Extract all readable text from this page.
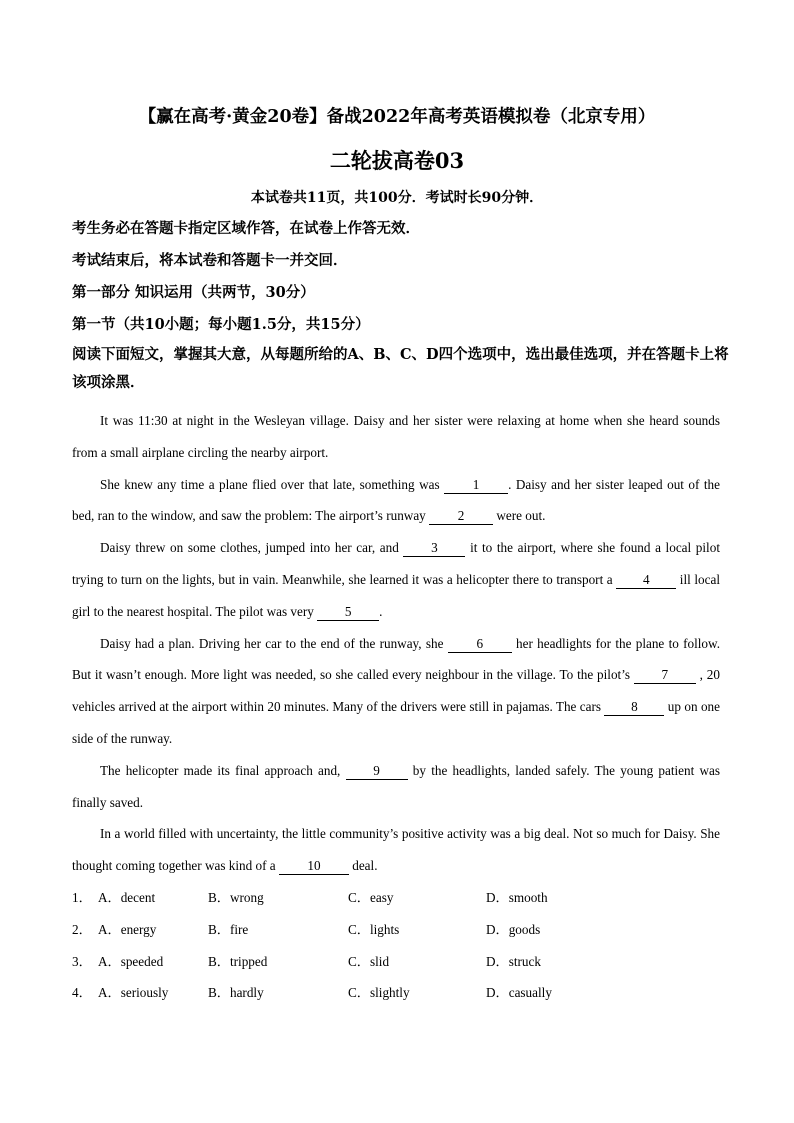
【赢在高考·黄金20卷】备战2022年高考英语模拟卷（北京专用）
二轮拔高卷03
本试卷共11页，共100分．考试时长90分钟．
考生务必在答题卡指定区域作答，在试卷上作答无效．
考试结束后，将本试卷和答题卡一并交回．
第一部分 知识运用（共两节，30分）
第一节（共10小题；每小题1.5分，共15分）
阅读下面短文，掌握其大意，从每题所给的A、B、C、D四个选项中，选出最佳选项，并在答题卡上将该项涂黑．

It was 11:30 at night in the Wesleyan village. Daisy and her sister were relaxing at home when she heard sounds from a small airplane circling the nearby airport.

She knew any time a plane flied over that late, something was 1 . Daisy and her sister leaped out of the bed, ran to the window, and saw the problem: The airport’s runway 2 were out.

Daisy threw on some clothes, jumped into her car, and 3 it to the airport, where she found a local pilot trying to turn on the lights, but in vain. Meanwhile, she learned it was a helicopter there to transport a 4 ill local girl to the nearest hospital. The pilot was very 5 .

Daisy had a plan. Driving her car to the end of the runway, she 6 her headlights for the plane to follow. But it wasn’t enough. More light was needed, so she called every neighbour in the village. To the pilot’s 7 , 20 vehicles arrived at the airport within 20 minutes. Many of the drivers were still in pajamas. The cars 8 up on one side of the runway.

The helicopter made its final approach and, 9 by the headlights, landed safely. The young patient was finally saved.

In a world filled with uncertainty, the little community’s positive activity was a big deal. Not so much for Daisy. She thought coming together was kind of a 10 deal.

1． A．decent	B．wrong	C．easy	D．smooth
2． A．energy	B．fire	C．lights	D．goods
3． A．speeded	B．tripped	C．slid	D．struck
4． A．seriously	B．hardly	C．slightly	D．casually
